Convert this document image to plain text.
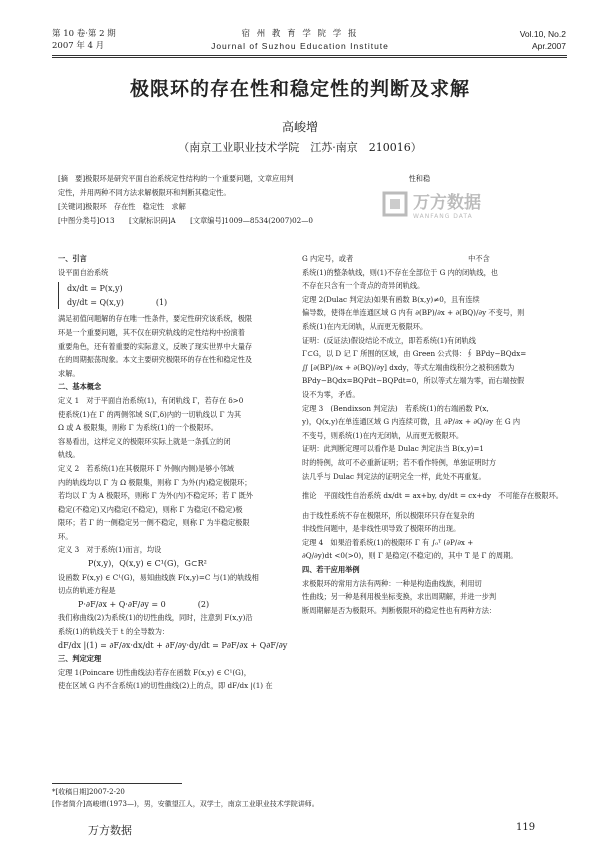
第 10 卷·第 2 期
2007 年 4 月
宿 州 教 育 学 院 学 报
Journal of Suzhou Education Institute
Vol.10, No.2
Apr.2007
极限环的存在性和稳定性的判断及求解
高峻增
（南京工业职业技术学院　江苏·南京　210016）
[摘　要]极限环是研究平面自治系统定性结构的一个重要问题，文章应用判　　　　　　　　　　　　　　　　性和稳
定性，并用两种不同方法求解极限环和判断其稳定性。
[关键词]极限环　存在性　稳定性　求解
[中图分类号]O13　　[文献标识码]A　　[文章编号]1009—8534(2007)02—0
万方数据
WANFANG DATA

一、引言

设平面自治系统

dx/dt = P(x,y)

dy/dt = Q(x,y)　　　　(1)

满足初值问题解的存在唯一性条件，要定性研究该系统，极限

环是一个重要问题，其不仅在研究轨线的定性结构中扮演着

重要角色，还有着重要的实际意义，反映了现实世界中大量存

在的周期振荡现象。本文主要研究极限环的存在性和稳定性及

求解。

二、基本概念

定义 1　对于平面自治系统(1)，有闭轨线 Γ，若存在 δ>0

使系统(1)在 Γ 的两侧邻域 S(Γ,δ)内的一切轨线以 Γ 为其

Ω 或 A 极限集，则称 Γ 为系统(1)的一个极限环。

容易看出，这样定义的极限环实际上就是一条孤立的闭

轨线。

定义 2　若系统(1)在其极限环 Γ 外侧(内侧)是够小邻域

内的轨线均以 Γ 为 Ω 极限集，则称 Γ 为外(内)稳定极限环；

若均以 Γ 为 A 极限环，则称 Γ 为外(内)不稳定环；若 Γ 既外

稳定(不稳定)又内稳定(不稳定)，则称 Γ 为稳定(不稳定)极

限环；若 Γ 的一侧稳定另一侧不稳定，则称 Γ 为半稳定极限

环。

定义 3　对于系统(1)而言，均设

P(x,y)，Q(x,y) ∈ C¹(G)，G⊂R²

设函数 F(x,y) ∈ C¹(G)，易知曲线族 F(x,y)=C 与(1)的轨线相

切点的轨迹方程是

P·∂F/∂x + Q·∂F/∂y = 0　　　　(2)

我们称曲线(2)为系统(1)的切性曲线，同时，注意到 F(x,y)沿

系统(1)的轨线关于 t 的全导数为：

dF/dx |(1) = ∂F/∂x·dx/dt + ∂F/∂y·dy/dt = P∂F/∂x + Q∂F/∂y

三、判定定理

定理 1(Poincare 切性曲线法)若存在函数 F(x,y) ∈ C¹(G)，

使在区域 G 内不含系统(1)的切性曲线(2)上的点，即 dF/dx |(1) 在

G 内定号，或者　　　　　　　　　　　　　　　　中不含

系统(1)的整条轨线，则(1)不存在全部位于 G 内的闭轨线，也

不存在只含有一个奇点的奇异闭轨线。

定理 2(Dulac 判定法)如果有函数 B(x,y)≠0，且有连续

偏导数，使得在单连通区域 G 内有 ∂(BP)/∂x + ∂(BQ)/∂y 不变号，则

系统(1)在内无闭轨，从而更无极限环。

证明：(反证法)假设结论不成立，即若系统(1)有闭轨线

Γ⊂G，以 D 记 Γ 所围的区域，由 Green 公式得：∮ BPdy−BQdx=

∬ [∂(BP)/∂x + ∂(BQ)/∂y] dxdy，等式左端曲线积分之被积函数为

BPdy−BQdx=BQPdt−BQPdt=0，所以等式左端为零，而右端按假

设不为零，矛盾。

定理 3　(Bendixson 判定法)　若系统(1)的右端函数 P(x,

y)，Q(x,y)在单连通区域 G 内连续可微，且 ∂P/∂x + ∂Q/∂y 在 G 内

不变号，则系统(1)在内无闭轨，从而更无极限环。

证明：此判断定理可以看作是 Dulac 判定法当 B(x,y)=1

时的特例，故可不必重新证明；若不看作特例，单独证明时方

法几乎与 Dulac 判定法的证明完全一样，此处不再重复。

推论　平面线性自治系统 dx/dt = ax+by, dy/dt = cx+dy　不可能存在极限环。

由于线性系统不存在极限环，所以极限环只存在复杂的

非线性问题中，是非线性项导致了极限环的出现。

定理 4　如果沿着系统(1)的极限环 Γ 有 ∫₀ᵀ (∂P/∂x +

∂Q/∂y)dt <0(>0)，则 Γ 是稳定(不稳定)的，其中 T 是 Γ 的周期。

四、若干应用举例

求极限环的常用方法有两种：一种是构造曲线族，利用切

性曲线；另一种是利用极坐标变换，求出周期解，并进一步判

断周期解是否为极限环。判断极限环的稳定性也有两种方法：

*[收稿日期]2007-2-20
[作者简介]高峻增(1973—)，男，安徽望江人，双学士，南京工业职业技术学院讲师。
万方数据	119
